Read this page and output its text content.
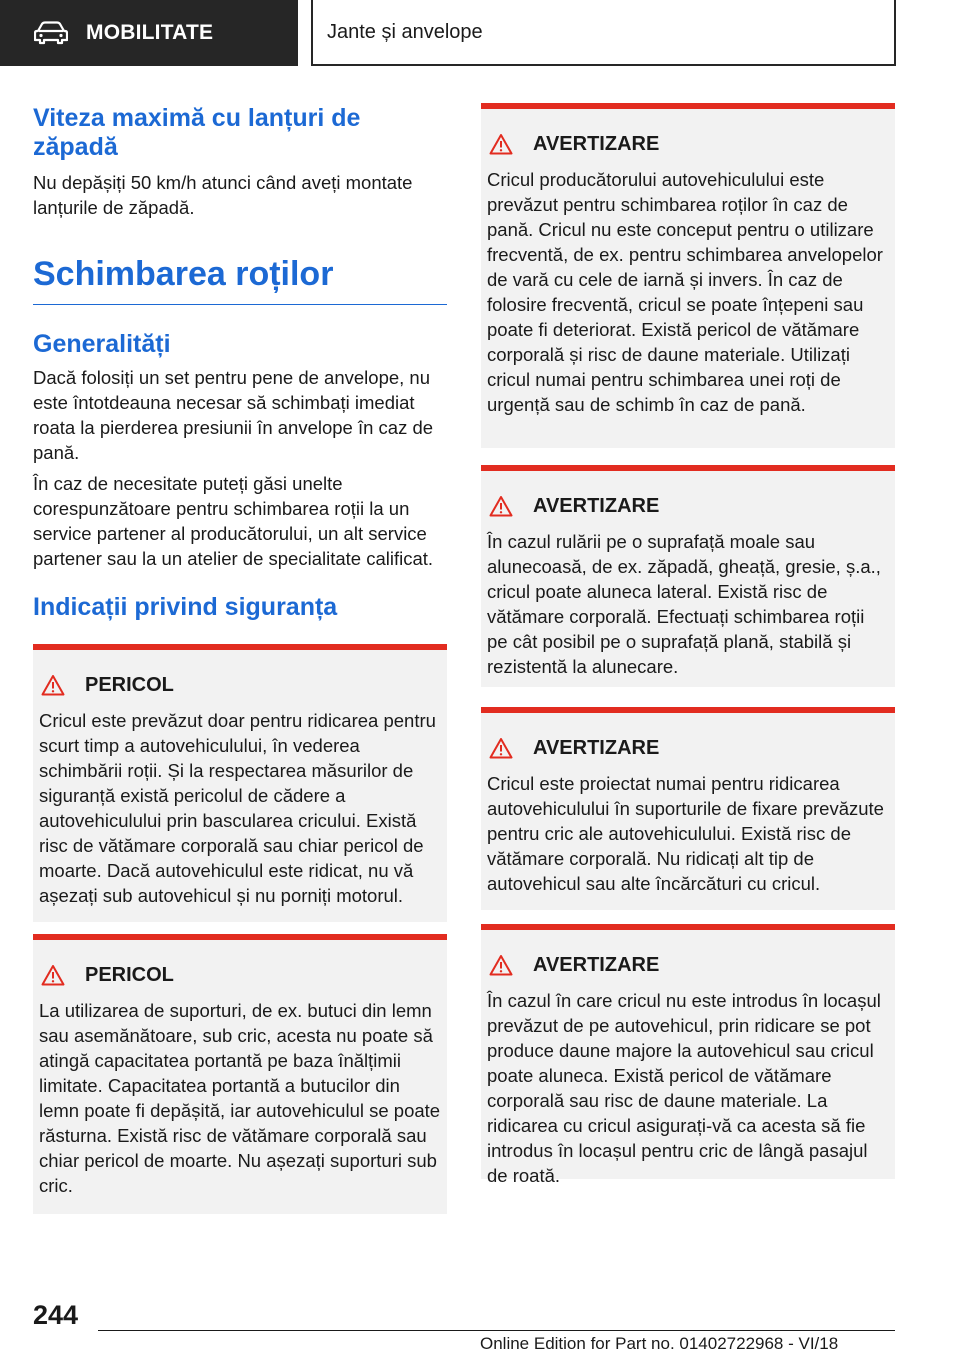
MOBILITATE	Jante și anvelope
Viteza maximă cu lanțuri de zăpadă

Nu depășiți 50 km/h atunci când aveți montate lanțurile de zăpadă.

Schimbarea roților
Generalități

Dacă folosiți un set pentru pene de anvelope, nu este întotdeauna necesar să schimbați imediat roata la pierderea presiunii în anvelope în caz de pană.

În caz de necesitate puteți găsi unelte corespunzătoare pentru schimbarea roții la un service partener al producătorului, un alt service partener sau la un atelier de specialitate calificat.

Indicații privind siguranța
PERICOL

Cricul este prevăzut doar pentru ridicarea pentru scurt timp a autovehiculului, în vederea schimbării roții. Și la respectarea măsurilor de siguranță există pericolul de cădere a autovehiculului prin bascularea cricului. Există risc de vătămare corporală sau chiar pericol de moarte. Dacă autovehiculul este ridicat, nu vă așezați sub autovehicul și nu porniți motorul.

PERICOL

La utilizarea de suporturi, de ex. butuci din lemn sau asemănătoare, sub cric, acesta nu poate să atingă capacitatea portantă pe baza înălțimii limitate. Capacitatea portantă a butucilor din lemn poate fi depășită, iar autovehiculul se poate răsturna. Există risc de vătămare corporală sau chiar pericol de moarte. Nu așezați suporturi sub cric.

AVERTIZARE

Cricul producătorului autovehiculului este prevăzut pentru schimbarea roților în caz de pană. Cricul nu este conceput pentru o utilizare frecventă, de ex. pentru schimbarea anvelopelor de vară cu cele de iarnă și invers. În caz de folosire frecventă, cricul se poate înțepeni sau poate fi deteriorat. Există pericol de vătămare corporală și risc de daune materiale. Utilizați cricul numai pentru schimbarea unei roți de urgență sau de schimb în caz de pană.

AVERTIZARE

În cazul rulării pe o suprafață moale sau alunecoasă, de ex. zăpadă, gheață, gresie, ș.a., cricul poate aluneca lateral. Există risc de vătămare corporală. Efectuați schimbarea roții pe cât posibil pe o suprafață plană, stabilă și rezistentă la alunecare.

AVERTIZARE

Cricul este proiectat numai pentru ridicarea autovehiculului în suporturile de fixare prevăzute pentru cric ale autovehiculului. Există risc de vătămare corporală. Nu ridicați alt tip de autovehicul sau alte încărcături cu cricul.

AVERTIZARE

În cazul în care cricul nu este introdus în locașul prevăzut de pe autovehicul, prin ridicare se pot produce daune majore la autovehicul sau cricul poate aluneca. Există pericol de vătămare corporală sau risc de daune materiale. La ridicarea cu cricul asigurați-vă ca acesta să fie introdus în locașul pentru cric de lângă pasajul de roată.

244
Online Edition for Part no. 01402722968 - VI/18
